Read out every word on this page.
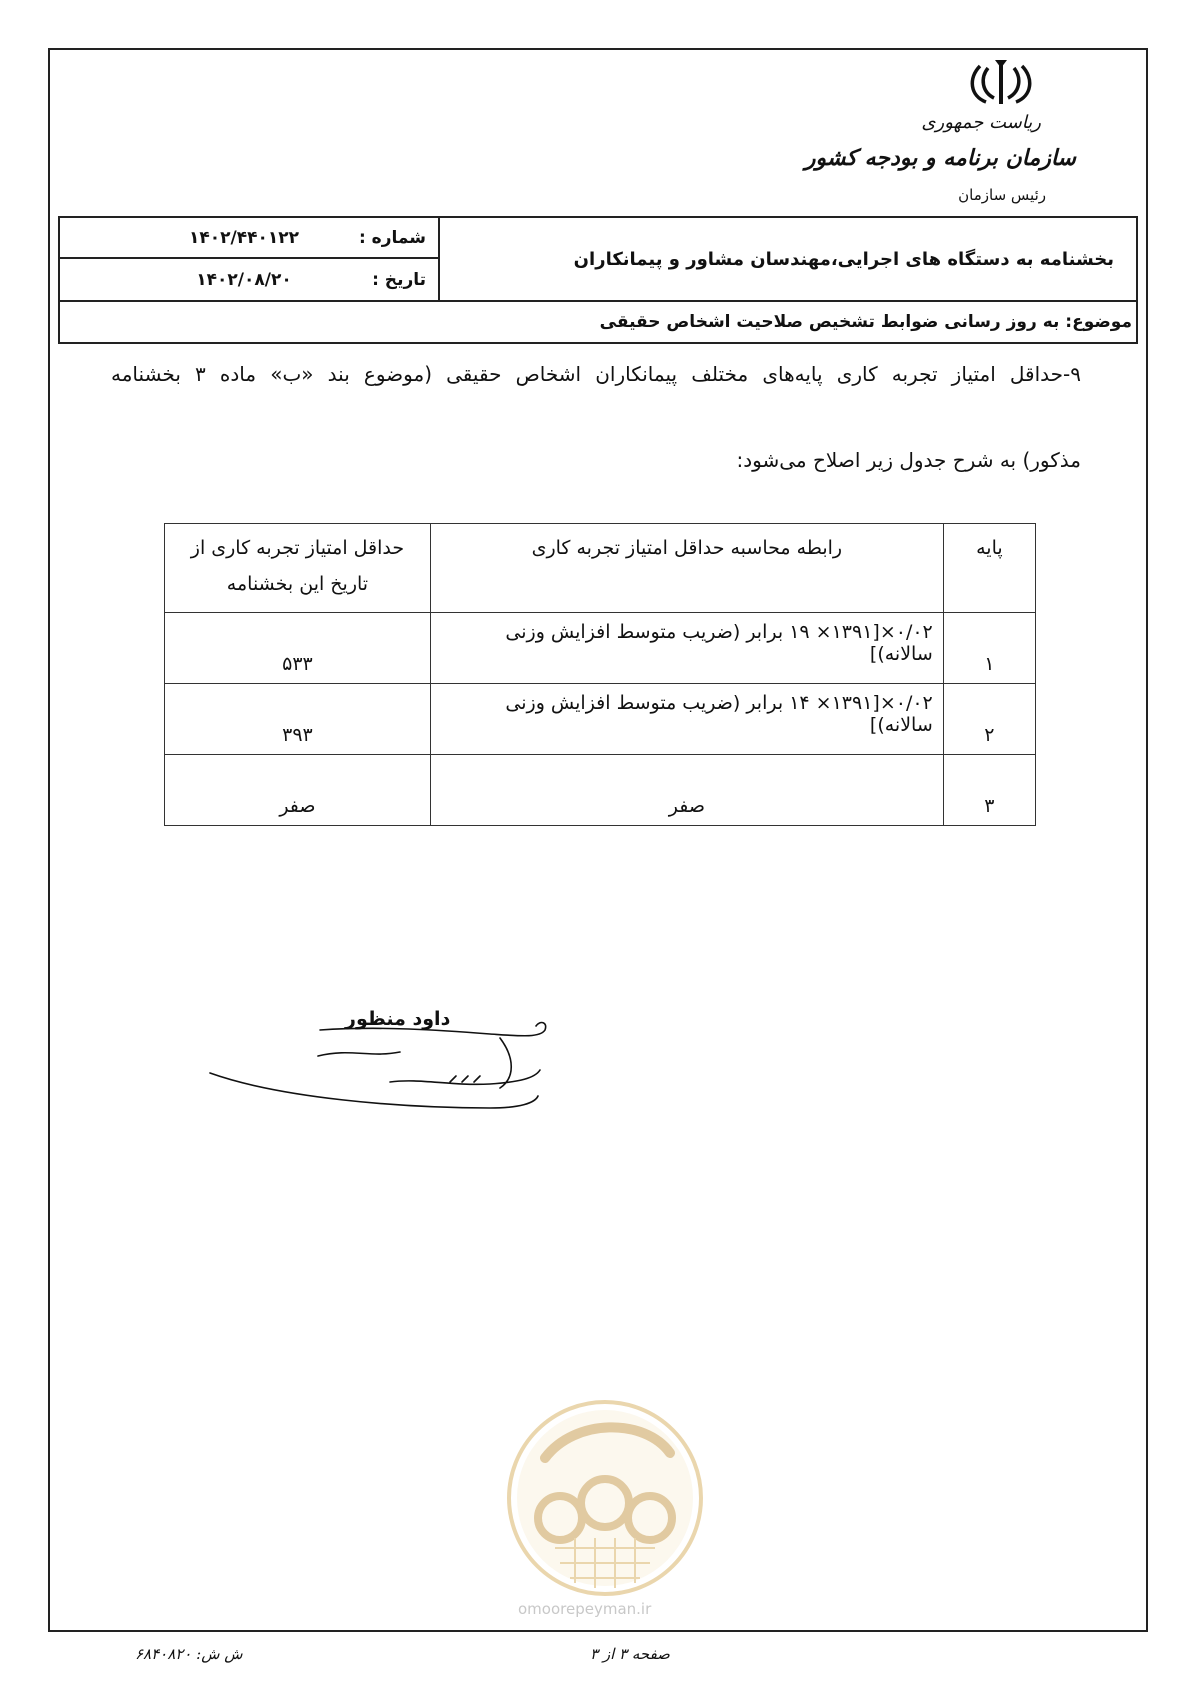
ریاست جمهوری
سازمان برنامه و بودجه کشور
رئیس سازمان
بخشنامه به دستگاه های اجرایی،مهندسان مشاور و پیمانکاران
شماره :
۱۴۰۲/۴۴۰۱۲۲
تاریخ :
۱۴۰۲/۰۸/۲۰
موضوع: به روز رسانی ضوابط تشخیص صلاحیت اشخاص حقیقی
۹-حداقل امتیاز تجربه کاری پایه‌های مختلف پیمانکاران اشخاص حقیقی (موضوع بند «ب» ماده ۳ بخشنامه
مذکور) به شرح جدول زیر اصلاح می‌شود:
پایه	رابطه محاسبه حداقل امتیاز تجربه کاری	حداقل امتیاز تجربه کاری از تاریخ این بخشنامه
۱	۰/۰۲×[۱۳۹۱× ۱۹ برابر (ضریب متوسط افزایش وزنی سالانه)]	۵۳۳
۲	۰/۰۲×[۱۳۹۱× ۱۴ برابر (ضریب متوسط افزایش وزنی سالانه)]	۳۹۳
۳	صفر	صفر
داود منظور
omoorepeyman.ir
ش ش: ۶۸۴۰۸۲۰	صفحه ۳ از ۳
